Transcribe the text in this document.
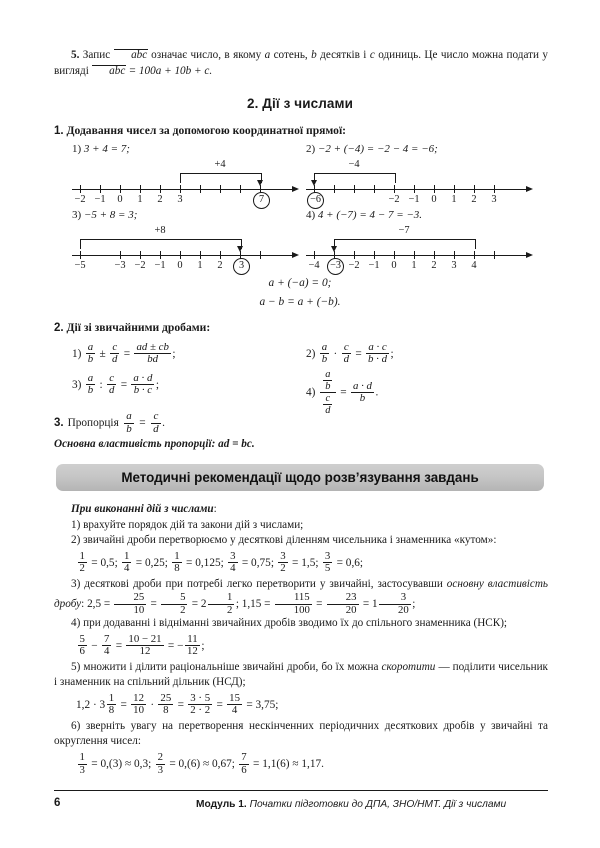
5. Запис abc означає число, в якому a сотень, b десятків і c одиниць. Це число можна подати у вигляді abc = 100a + 10b + c.
2. Дії з числами
1. Додавання чисел за допомогою координатної прямої:
1) 3 + 4 = 7;
−2 −1	0	1	2	3	7
+4
2) −2 + (−4) = −2 − 4 = −6;
−6	−2 −1	0	1	2	3
−4
3) −5 + 8 = 3;
−5	−3 −2 −1	0	1	2	3
+8
4) 4 + (−7) = 4 − 7 = −3.
−4	−3 −2 −1	0	1	2	3	4
−7
a + (−a) = 0;
a − b = a + (−b).
2. Дії зі звичайними дробами:
$1) \frac{a}{b} \pm \frac{c}{d} = \frac{ad \pm cb}{bd}$ ;	$2) \frac{a}{b} \cdot \frac{c}{d} = \frac{a \cdot c}{b \cdot d}$ ;
$3) \frac{a}{b}$ : $\frac{c}{d} = \frac{a \cdot d}{b \cdot c}$ ;
$4) \frac{\frac{a}{b}}{\frac{c}{d}} = \frac{a \cdot d}{b}$ .
3. Пропорція $\frac{a}{b} = \frac{c}{d}$ .
Основна властивість пропорції: ad = bc.
Методичні рекомендації щодо розв’язування завдань

При виконанні дій з числами:

1) врахуйте порядок дій та закони дій з числами;

2) звичайні дроби перетворюємо у десяткові діленням чисельника і знаменника «кутом»:

$\frac{1}{2} = 0,5$; $\frac{1}{4} = 0,25$; $\frac{1}{8} = 0,125$; $\frac{3}{4} = 0,75$; $\frac{3}{2} = 1,5$; $\frac{3}{5} = 0,6$;

3) десяткові дроби при потребі легко перетворити у звичайні, застосувавши основну властивість дробу: $2,5 = \frac{25}{10} = \frac{5}{2} = 2 \frac{1}{2}$ ; $1,15 = \frac{115}{100} = \frac{23}{20} = 1 \frac{3}{20}$ ;

4) при додаванні і відніманні звичайних дробів зводимо їх до спільного знаменника (НСК);

$\frac{5}{6} - \frac{7}{4} = \frac{10 - 21}{12}$ = − $\frac{11}{12}$ ;

5) множити і ділити раціональніше звичайні дроби, бо їх можна скоротити — поділити чисельник і знаменник на спільний дільник (НСД);

$1,2 \cdot 3 \frac{1}{8} = \frac{12}{10} \cdot \frac{25}{8} = \frac{3 \cdot 5}{2 \cdot 2} = \frac{15}{4} = 3,75$;

6) зверніть увагу на перетворення нескінченних періодичних десяткових дробів у звичайні та округлення чисел:

$\frac{1}{3} = 0,(3) \approx 0,3$; $\frac{2}{3} = 0,(6) \approx 0,67$; $\frac{7}{6} = 1,1(6) \approx 1,17$.
6	Модуль 1. Початки підготовки до ДПА, ЗНО/НМТ. Дії з числами
